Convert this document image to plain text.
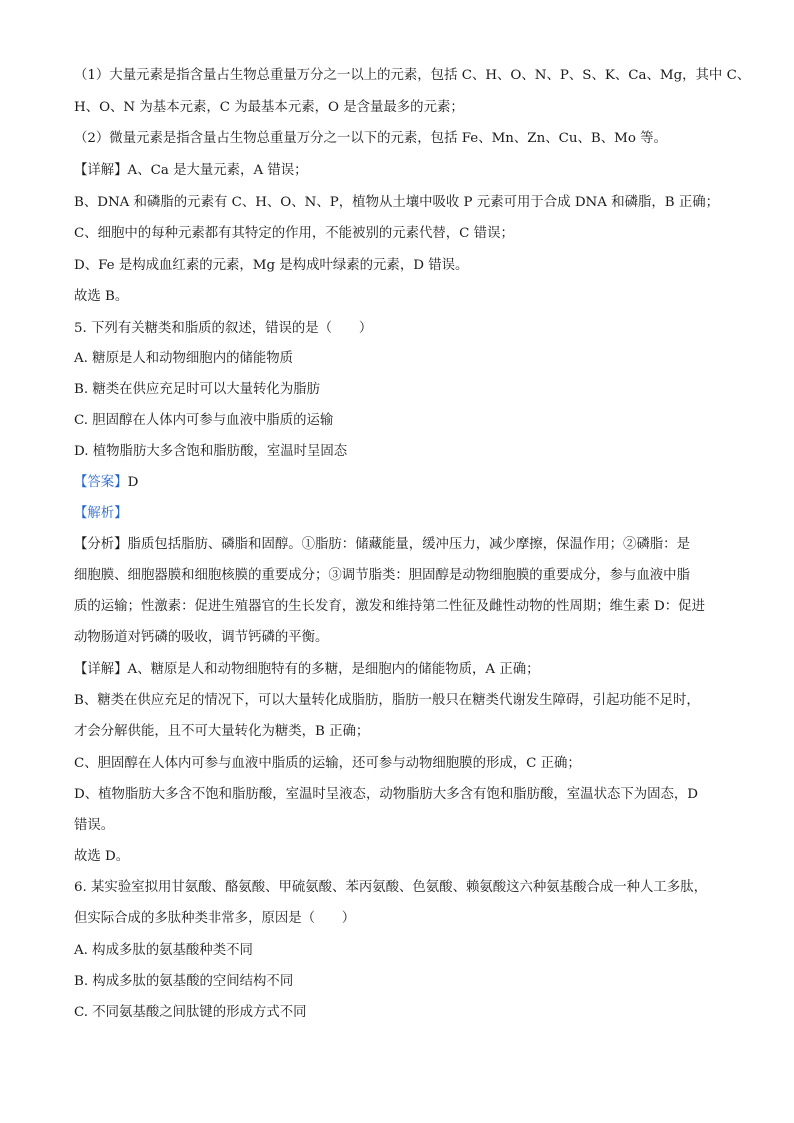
（1）大量元素是指含量占生物总重量万分之一以上的元素，包括 C、H、O、N、P、S、K、Ca、Mg，其中 C、
H、O、N 为基本元素，C 为最基本元素，O 是含量最多的元素；
（2）微量元素是指含量占生物总重量万分之一以下的元素，包括 Fe、Mn、Zn、Cu、B、Mo 等。
【详解】A、Ca 是大量元素，A 错误；
B、DNA 和磷脂的元素有 C、H、O、N、P，植物从土壤中吸收 P 元素可用于合成 DNA 和磷脂，B 正确；
C、细胞中的每种元素都有其特定的作用，不能被别的元素代替，C 错误；
D、Fe 是构成血红素的元素，Mg 是构成叶绿素的元素，D 错误。
故选 B。
5. 下列有关糖类和脂质的叙述，错误的是（　　）
A. 糖原是人和动物细胞内的储能物质
B. 糖类在供应充足时可以大量转化为脂肪
C. 胆固醇在人体内可参与血液中脂质的运输
D. 植物脂肪大多含饱和脂肪酸，室温时呈固态
【答案】D
【解析】
【分析】脂质包括脂肪、磷脂和固醇。①脂肪：储藏能量，缓冲压力，减少摩擦，保温作用；②磷脂：是
细胞膜、细胞器膜和细胞核膜的重要成分；③调节脂类：胆固醇是动物细胞膜的重要成分，参与血液中脂
质的运输；性激素：促进生殖器官的生长发育，激发和维持第二性征及雌性动物的性周期；维生素 D：促进
动物肠道对钙磷的吸收，调节钙磷的平衡。
【详解】A、糖原是人和动物细胞特有的多糖，是细胞内的储能物质，A 正确；
B、糖类在供应充足的情况下，可以大量转化成脂肪，脂肪一般只在糖类代谢发生障碍，引起功能不足时，
才会分解供能，且不可大量转化为糖类，B 正确；
C、胆固醇在人体内可参与血液中脂质的运输，还可参与动物细胞膜的形成，C 正确；
D、植物脂肪大多含不饱和脂肪酸，室温时呈液态，动物脂肪大多含有饱和脂肪酸，室温状态下为固态，D
错误。
故选 D。
6. 某实验室拟用甘氨酸、酪氨酸、甲硫氨酸、苯丙氨酸、色氨酸、赖氨酸这六种氨基酸合成一种人工多肽，
但实际合成的多肽种类非常多，原因是（　　）
A. 构成多肽的氨基酸种类不同
B. 构成多肽的氨基酸的空间结构不同
C. 不同氨基酸之间肽键的形成方式不同
